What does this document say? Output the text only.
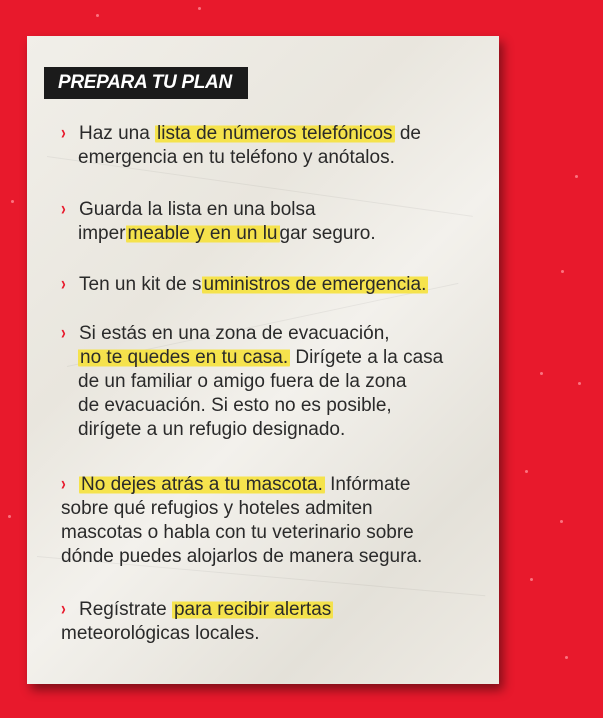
PREPARA TU PLAN
› Haz una lista de números telefónicos de
emergencia en tu teléfono y anótalos.
› Guarda la lista en una bolsa
imper meable y en un lu gar seguro.
› Ten un kit de s uministros de emergencia.
› Si estás en una zona de evacuación,
no te quedes en tu casa. Dirígete a la casa
de un familiar o amigo fuera de la zona
de evacuación. Si esto no es posible,
dirígete a un refugio designado.
› No dejes atrás a tu mascota. Infórmate
sobre qué refugios y hoteles admiten
mascotas o habla con tu veterinario sobre
dónde puedes alojarlos de manera segura.
› Regístrate para recibir alertas
meteorológicas locales.
